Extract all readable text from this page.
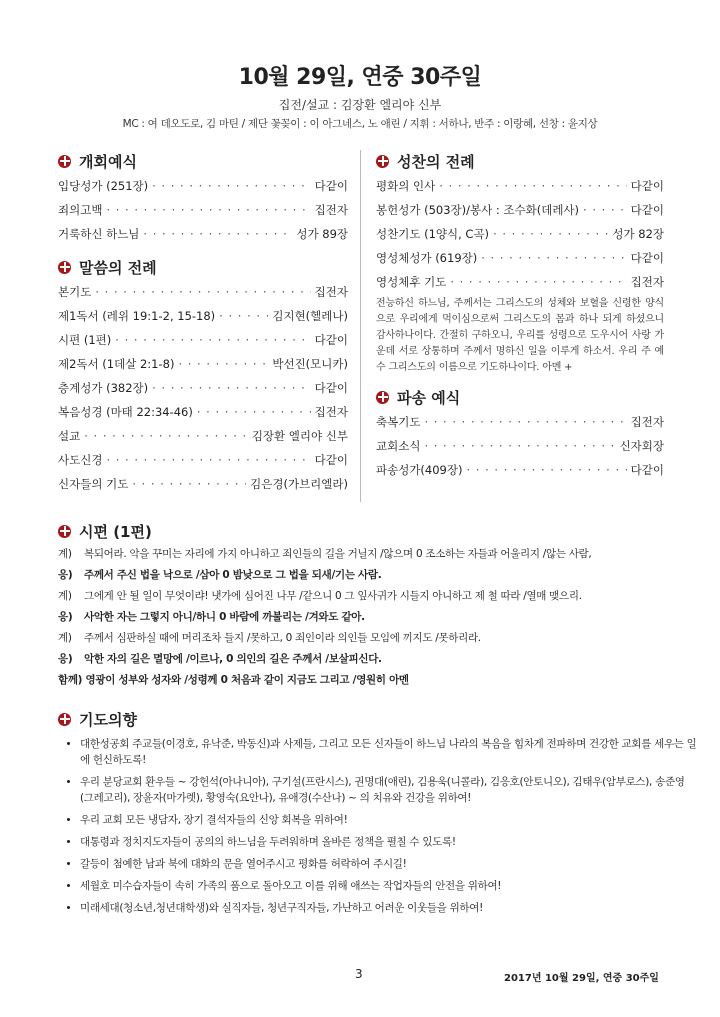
10월 29일, 연중 30주일
집전/설교 : 김장환 엘리야 신부
MC : 여 데오도로, 김 마틴 / 제단 꽃꽂이 : 이 아그네스, 노 애린 / 지휘 : 서하나, 반주 : 이랑혜, 선창 : 윤지상
개회예식
입당성가 (251장) · · ·	다같이
죄의고백 · · ·	집전자
거룩하신 하느님 · · ·	성가 89장
말씀의 전례
본기도 · · ·	집전자
제1독서 (레위 19:1-2, 15-18) · · ·	김지현(헬레나)
시편 (1편) · · ·	다같이
제2독서 (1데살 2:1-8) · · ·	박선진(모니카)
층계성가 (382장) · · ·	다같이
복음성경 (마태 22:34-46) · · ·	집전자
설교 · · ·	김장환 엘리야 신부
사도신경 · · ·	다같이
신자들의 기도 · · ·	김은경(가브리엘라)
성찬의 전례
평화의 인사 · · ·	다같이
봉헌성가 (503장)/봉사 : 조수화(데레사) · · ·	다같이
성찬기도 (1양식, C곡) · · ·	성가 82장
영성체성가 (619장) · · ·	다같이
영성체후 기도 · · ·	집전자
전능하신 하느님, 주께서는 그리스도의 성체와 보혈을 신령한 양식으로 우리에게 먹이심으로써 그리스도의 몸과 하나 되게 하셨으니 감사하나이다. 간절히 구하오니, 우리를 성령으로 도우시어 사랑 가운데 서로 상통하며 주께서 명하신 일을 이루게 하소서. 우리 주 예수 그리스도의 이름으로 기도하나이다. 아멘 +
파송 예식
축복기도 · · ·	집전자
교회소식 · · ·	신자회장
파송성가(409장) · · ·	다같이
시편 (1편)
계) 복되어라. 악을 꾸미는 자리에 가지 아니하고 죄인들의 길을 거닐지 /않으며 0 조소하는 자들과 어울리지 /않는 사람,
응) 주께서 주신 법을 낙으로 /삼아 0 밤낮으로 그 법을 되새/기는 사람.
계) 그에게 안 될 일이 무엇이랴! 냇가에 심어진 나무 /같으니 0 그 잎사귀가 시들지 아니하고 제 철 따라 /열매 맺으리.
응) 사악한 자는 그렇지 아니/하니 0 바람에 까불리는 /겨와도 같아.
계) 주께서 심판하실 때에 머리조차 들지 /못하고, 0 죄인이라 의인들 모임에 끼지도 /못하리라.
응) 악한 자의 길은 멸망에 /이르나, 0 의인의 길은 주께서 /보살피신다.
함께) 영광이 성부와 성자와 /성령께 0 처음과 같이 지금도 그리고 /영원히 아멘
기도의향
• 대한성공회 주교들(이경호, 유낙준, 박동신)과 사제들, 그리고 모든 신자들이 하느님 나라의 복음을 힘차게 전파하며 건강한 교회를 세우는 일에 헌신하도록!
• 우리 분당교회 환우들 ~ 강헌석(아나니아), 구기설(프란시스), 권명대(애린), 김용욱(니콜라), 김응호(안토니오), 김태우(암부로스), 송준영(그레고리), 장윤자(마가렛), 황영숙(요안나), 유애경(수산나) ~ 의 치유와 건강을 위하여!
• 우리 교회 모든 냉담자, 장기 결석자들의 신앙 회복을 위하여!
• 대통령과 정치지도자들이 공의의 하느님을 두려워하며 올바른 정책을 펼칠 수 있도록!
• 갈등이 첨예한 남과 북에 대화의 문을 열어주시고 평화를 허락하여 주시길!
• 세월호 미수습자들이 속히 가족의 품으로 돌아오고 이를 위해 애쓰는 작업자들의 안전을 위하여!
• 미래세대(청소년,청년대학생)와 실직자들, 청년구직자들, 가난하고 어려운 이웃들을 위하여!
3	2017년 10월 29일, 연중 30주일
